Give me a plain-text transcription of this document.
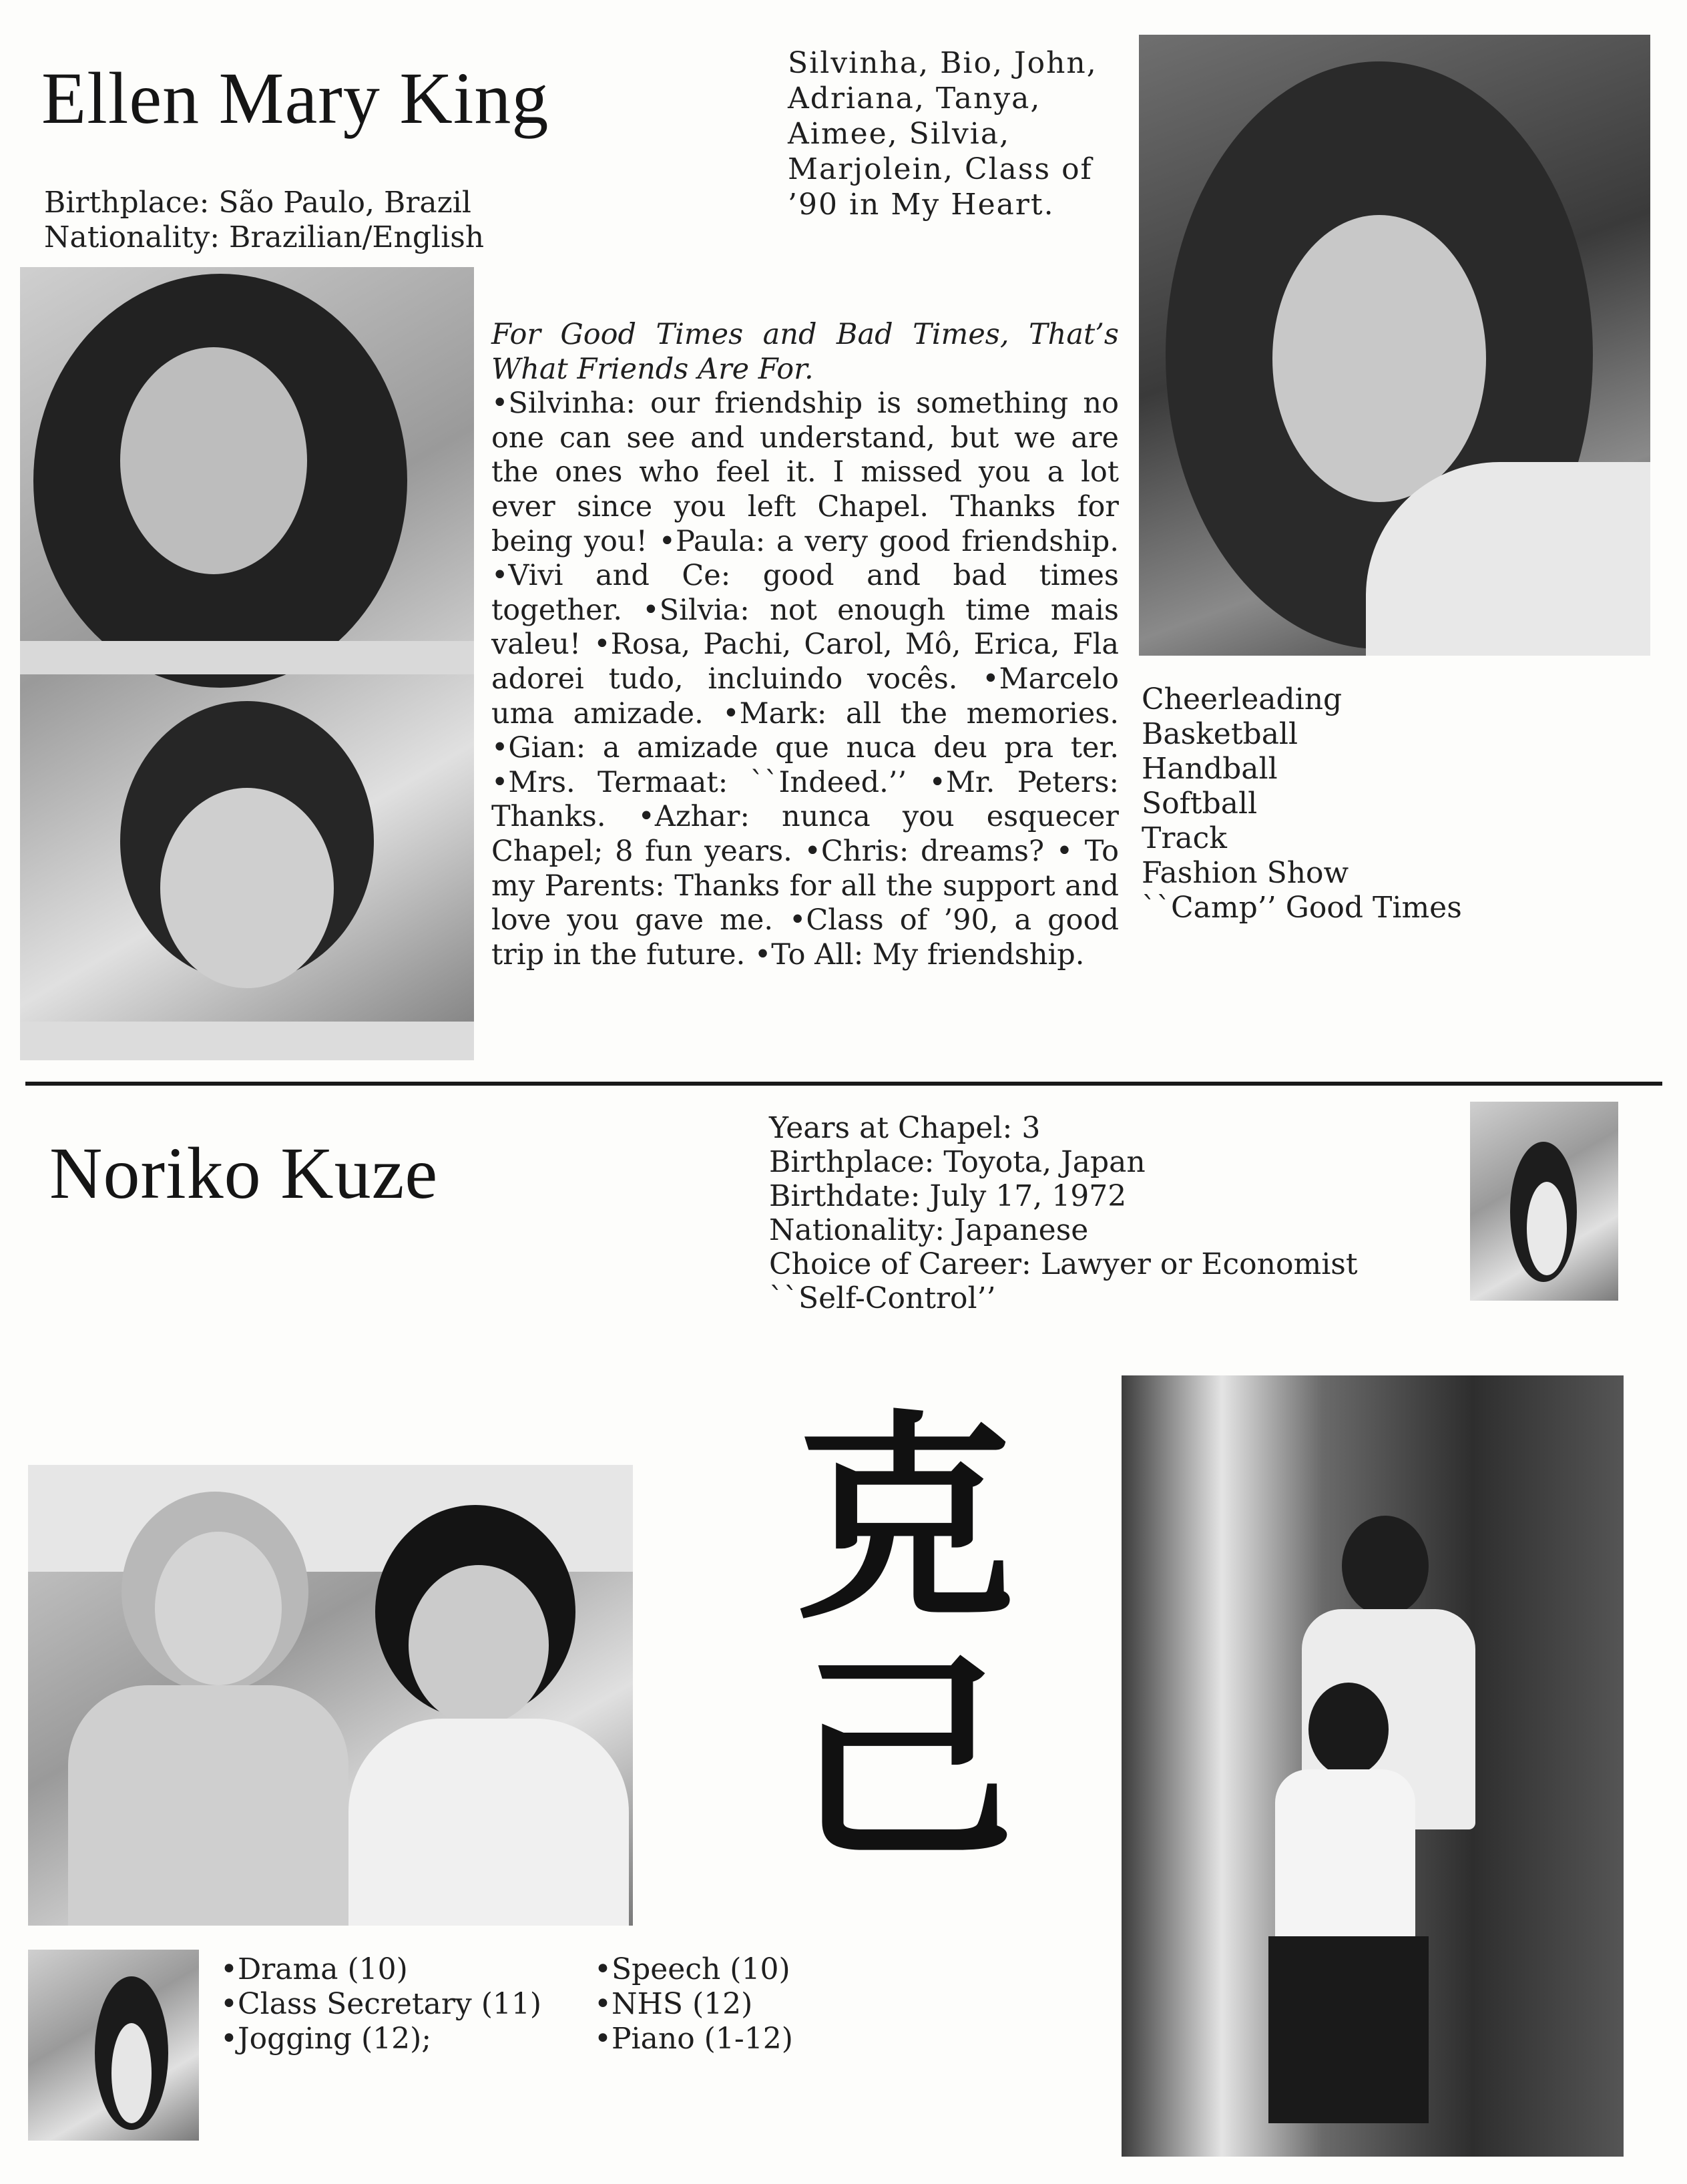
Ellen Mary King
Birthplace: São Paulo, Brazil
Nationality: Brazilian/English
Silvinha, Bio, John, Adriana, Tanya, Aimee, Silvia, Marjolein, Class of ’90 in My Heart.

For Good Times and Bad Times, That’s What Friends Are For.

•Silvinha: our friendship is something no one can see and understand, but we are the ones who feel it. I missed you a lot ever since you left Chapel. Thanks for being you! •Paula: a very good friendship. •Vivi and Ce: good and bad times together. •Silvia: not enough time mais valeu! •Rosa, Pachi, Carol, Mô, Erica, Fla adorei tudo, incluindo vocês. •Marcelo uma amizade. •Mark: all the memories. •Gian: a amizade que nuca deu pra ter. •Mrs. Termaat: ``Indeed.’’ •Mr. Peters: Thanks. •Azhar: nunca you esquecer Chapel; 8 fun years. •Chris: dreams? • To my Parents: Thanks for all the support and love you gave me. •Class of ’90, a good trip in the future. •To All: My friendship.

Cheerleading
Basketball
Handball
Softball
Track
Fashion Show
``Camp’’ Good Times
Noriko Kuze
Years at Chapel: 3
Birthplace: Toyota, Japan
Birthdate: July 17, 1972
Nationality: Japanese
Choice of Career: Lawyer or Economist
``Self-Control’’
克
己
•Drama (10)
•Class Secretary (11)
•Jogging (12);
•Speech (10)
•NHS (12)
•Piano (1-12)
